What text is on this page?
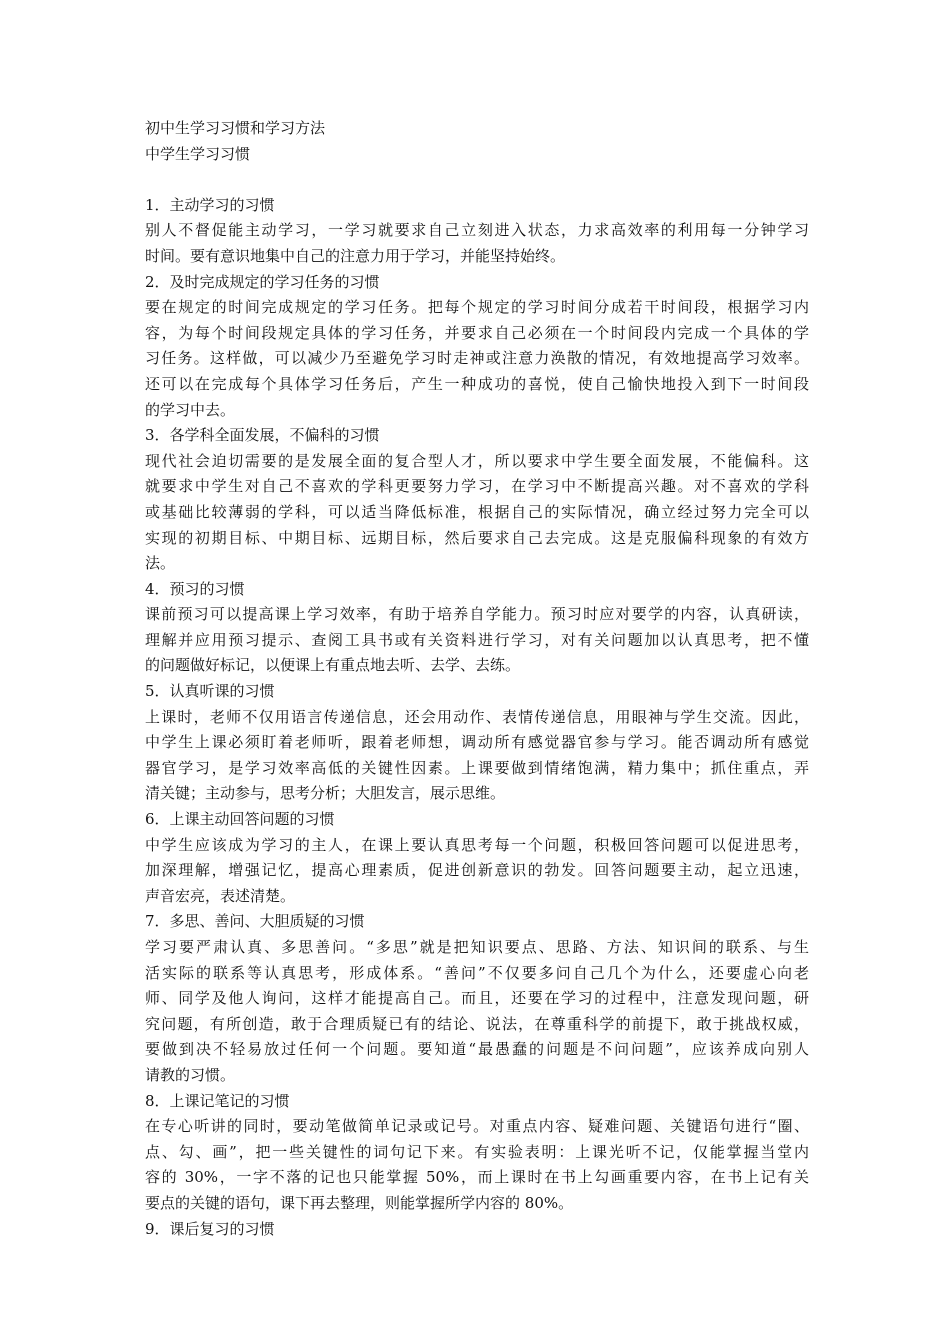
初中生学习习惯和学习方法
中学生学习习惯
1．主动学习的习惯
别人不督促能主动学习，一学习就要求自己立刻进入状态，力求高效率的利用每一分钟学习
时间。要有意识地集中自己的注意力用于学习，并能坚持始终。
2．及时完成规定的学习任务的习惯
要在规定的时间完成规定的学习任务。把每个规定的学习时间分成若干时间段，根据学习内
容，为每个时间段规定具体的学习任务，并要求自己必须在一个时间段内完成一个具体的学
习任务。这样做，可以减少乃至避免学习时走神或注意力涣散的情况，有效地提高学习效率。
还可以在完成每个具体学习任务后，产生一种成功的喜悦，使自己愉快地投入到下一时间段
的学习中去。
3．各学科全面发展，不偏科的习惯
现代社会迫切需要的是发展全面的复合型人才，所以要求中学生要全面发展，不能偏科。这
就要求中学生对自己不喜欢的学科更要努力学习，在学习中不断提高兴趣。对不喜欢的学科
或基础比较薄弱的学科，可以适当降低标准，根据自己的实际情况，确立经过努力完全可以
实现的初期目标、中期目标、远期目标，然后要求自己去完成。这是克服偏科现象的有效方
法。
4．预习的习惯
课前预习可以提高课上学习效率，有助于培养自学能力。预习时应对要学的内容，认真研读，
理解并应用预习提示、查阅工具书或有关资料进行学习，对有关问题加以认真思考，把不懂
的问题做好标记，以便课上有重点地去听、去学、去练。
5．认真听课的习惯
上课时，老师不仅用语言传递信息，还会用动作、表情传递信息，用眼神与学生交流。因此，
中学生上课必须盯着老师听，跟着老师想，调动所有感觉器官参与学习。能否调动所有感觉
器官学习，是学习效率高低的关键性因素。上课要做到情绪饱满，精力集中；抓住重点，弄
清关键；主动参与，思考分析；大胆发言，展示思维。
6．上课主动回答问题的习惯
中学生应该成为学习的主人，在课上要认真思考每一个问题，积极回答问题可以促进思考，
加深理解，增强记忆，提高心理素质，促进创新意识的勃发。回答问题要主动，起立迅速，
声音宏亮，表述清楚。
7．多思、善问、大胆质疑的习惯
学习要严肃认真、多思善问。“多思”就是把知识要点、思路、方法、知识间的联系、与生
活实际的联系等认真思考，形成体系。“善问”不仅要多问自己几个为什么，还要虚心向老
师、同学及他人询问，这样才能提高自己。而且，还要在学习的过程中，注意发现问题，研
究问题，有所创造，敢于合理质疑已有的结论、说法，在尊重科学的前提下，敢于挑战权威，
要做到决不轻易放过任何一个问题。要知道“最愚蠢的问题是不问问题”，应该养成向别人
请教的习惯。
8．上课记笔记的习惯
在专心听讲的同时，要动笔做简单记录或记号。对重点内容、疑难问题、关键语句进行“圈、
点、勾、画”，把一些关键性的词句记下来。有实验表明：上课光听不记，仅能掌握当堂内
容的 30%，一字不落的记也只能掌握 50%，而上课时在书上勾画重要内容，在书上记有关
要点的关键的语句，课下再去整理，则能掌握所学内容的 80%。
9．课后复习的习惯
